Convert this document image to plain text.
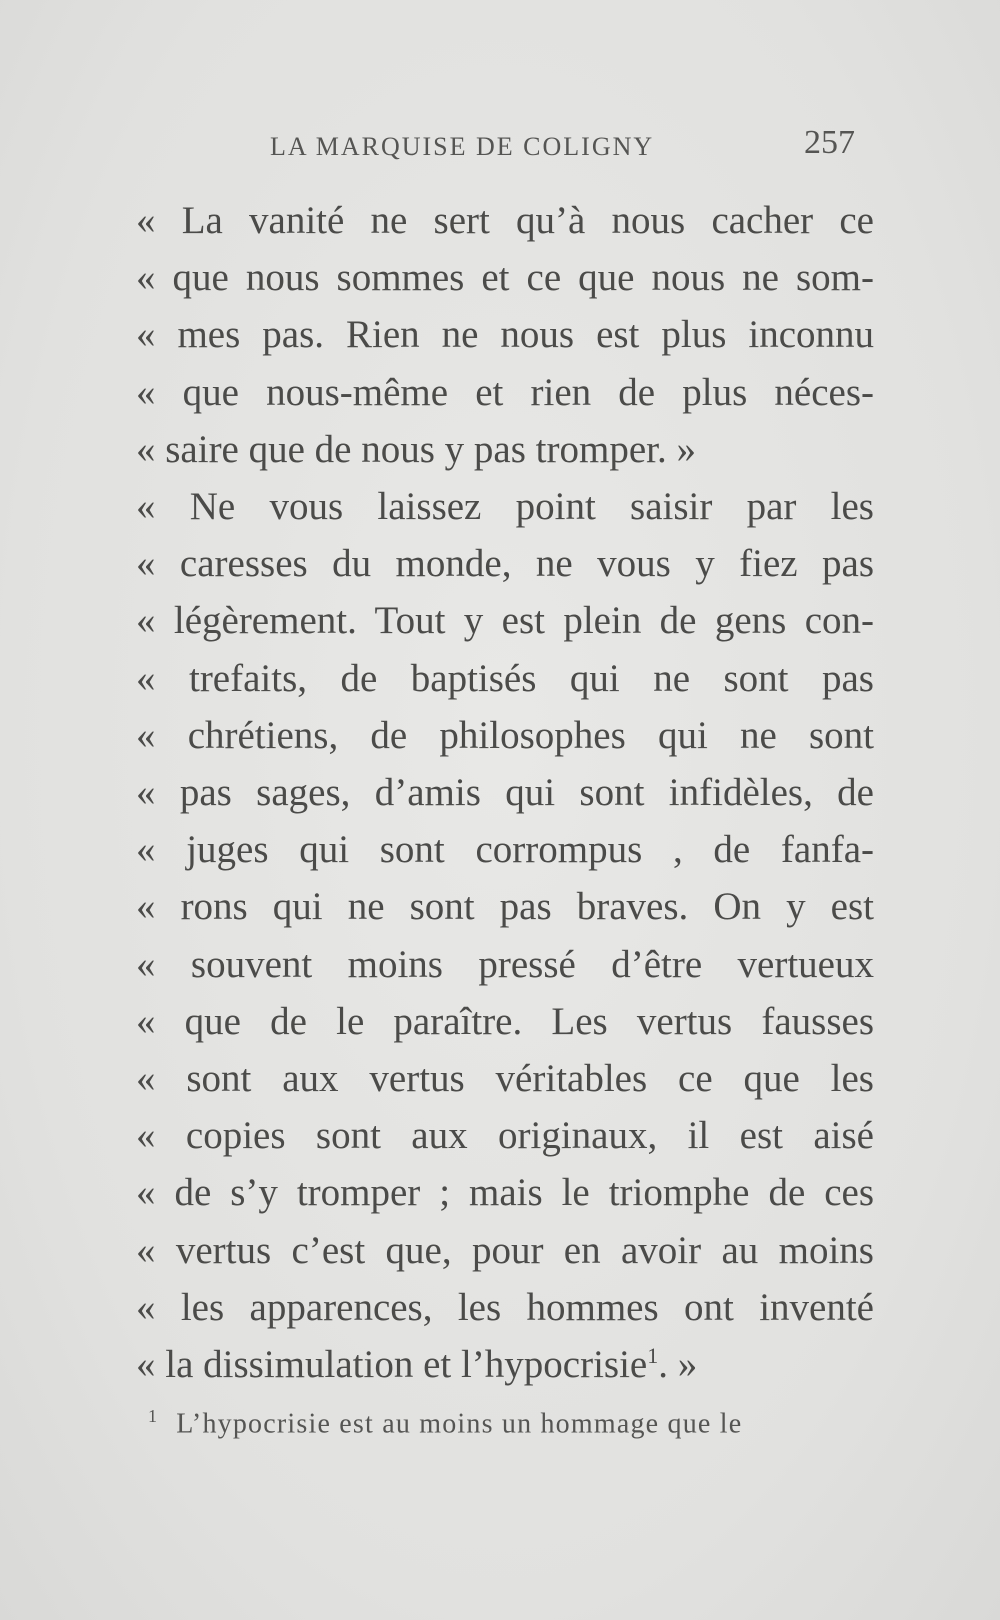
LA MARQUISE DE COLIGNY	257
« La vanité ne sert qu’à nous cacher ce
« que nous sommes et ce que nous ne som-
« mes pas. Rien ne nous est plus inconnu
« que nous-même et rien de plus néces-
« saire que de nous y pas tromper. »
« Ne vous laissez point saisir par les
« caresses du monde, ne vous y fiez pas
« légèrement. Tout y est plein de gens con-
« trefaits, de baptisés qui ne sont pas
« chrétiens, de philosophes qui ne sont
« pas sages, d’amis qui sont infidèles, de
« juges qui sont corrompus , de fanfa-
« rons qui ne sont pas braves. On y est
« souvent moins pressé d’être vertueux
« que de le paraître. Les vertus fausses
« sont aux vertus véritables ce que les
« copies sont aux originaux, il est aisé
« de s’y tromper ; mais le triomphe de ces
« vertus c’est que, pour en avoir au moins
« les apparences, les hommes ont inventé
« la dissimulation et l’hypocrisie$^1$. »
$^1$ L’hypocrisie est au moins un hommage que le
